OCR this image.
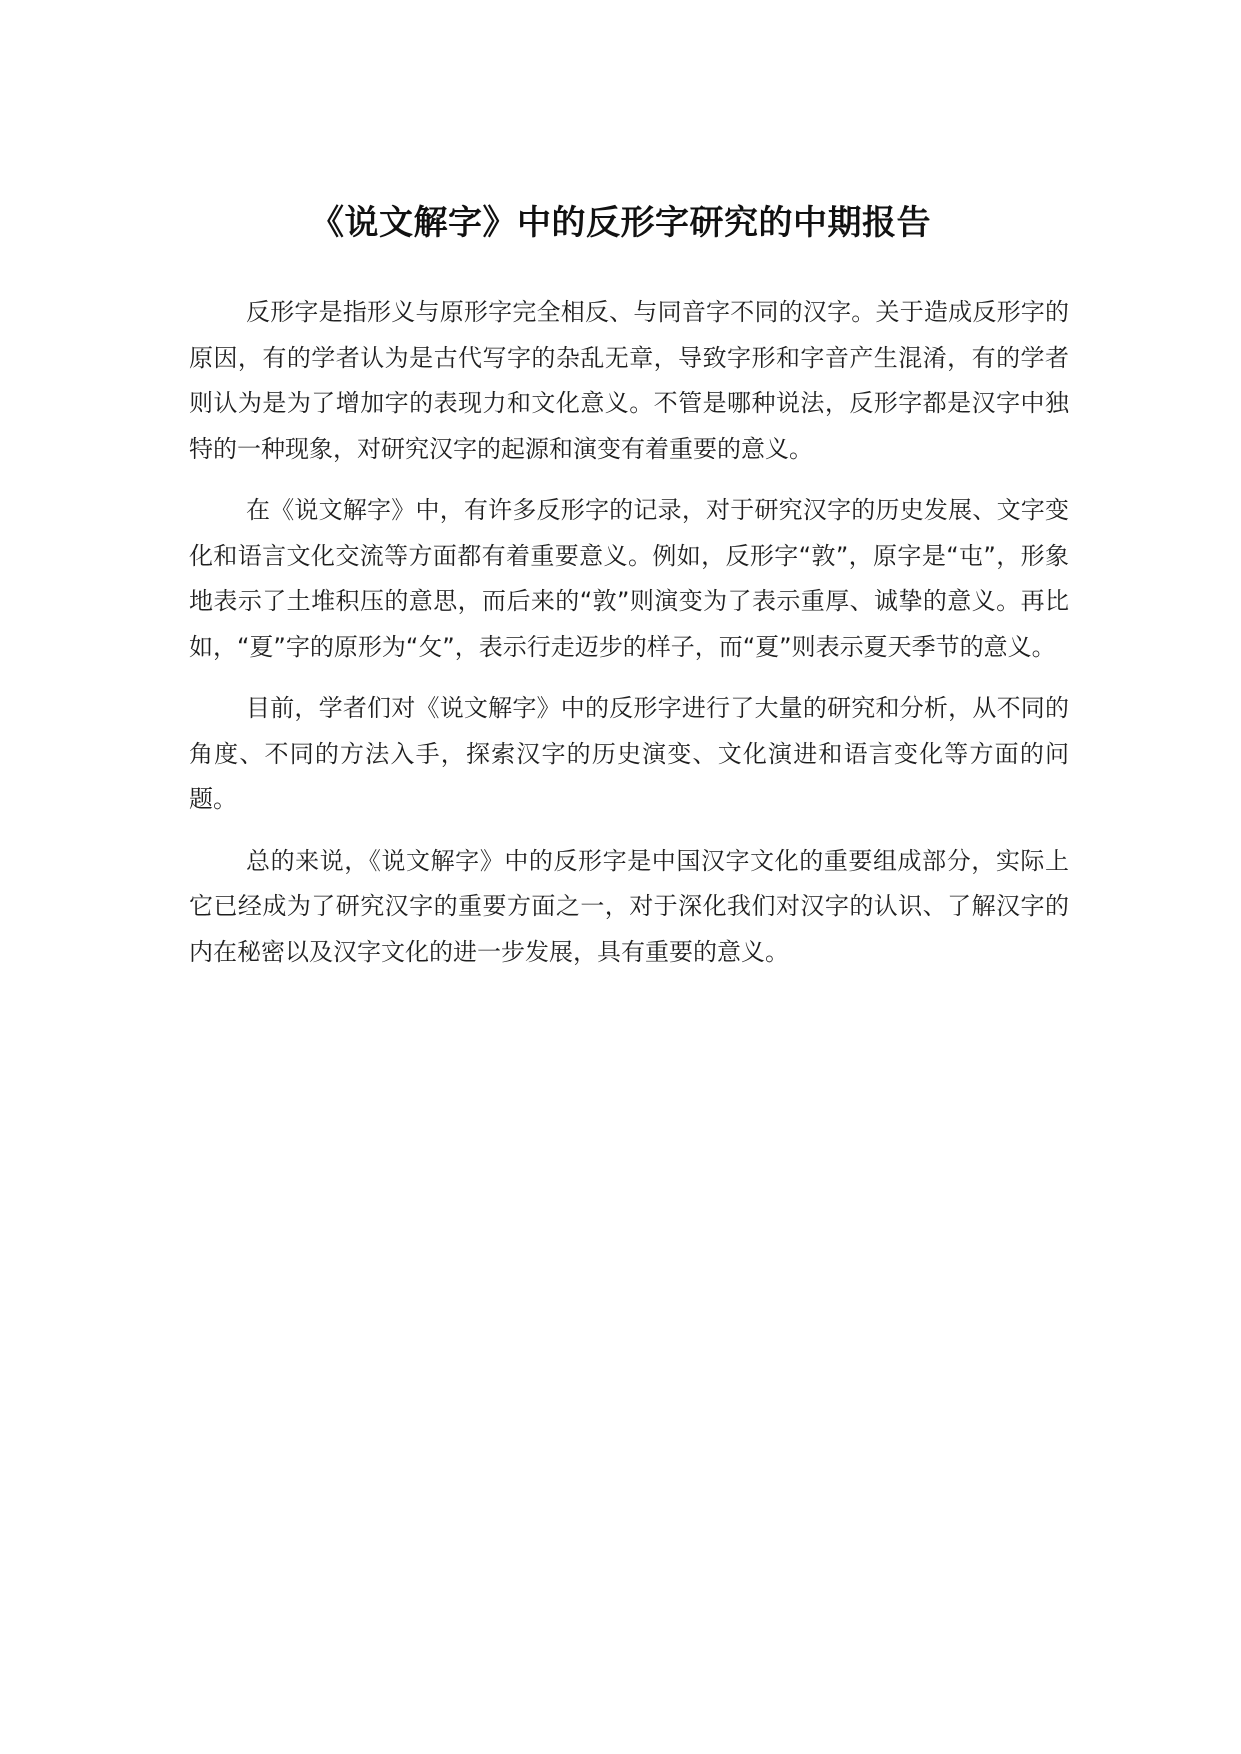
《说文解字》中的反形字研究的中期报告

反形字是指形义与原形字完全相反、与同音字不同的汉字。关于造成反形字的原因，有的学者认为是古代写字的杂乱无章，导致字形和字音产生混淆，有的学者则认为是为了增加字的表现力和文化意义。不管是哪种说法，反形字都是汉字中独特的一种现象，对研究汉字的起源和演变有着重要的意义。

在《说文解字》中，有许多反形字的记录，对于研究汉字的历史发展、文字变化和语言文化交流等方面都有着重要意义。例如，反形字“敦”，原字是“屯”，形象地表示了土堆积压的意思，而后来的“敦”则演变为了表示重厚、诚挚的意义。再比如，“夏”字的原形为“攵”，表示行走迈步的样子，而“夏”则表示夏天季节的意义。

目前，学者们对《说文解字》中的反形字进行了大量的研究和分析，从不同的角度、不同的方法入手，探索汉字的历史演变、文化演进和语言变化等方面的问题。

总的来说，《说文解字》中的反形字是中国汉字文化的重要组成部分，实际上它已经成为了研究汉字的重要方面之一，对于深化我们对汉字的认识、了解汉字的内在秘密以及汉字文化的进一步发展，具有重要的意义。
